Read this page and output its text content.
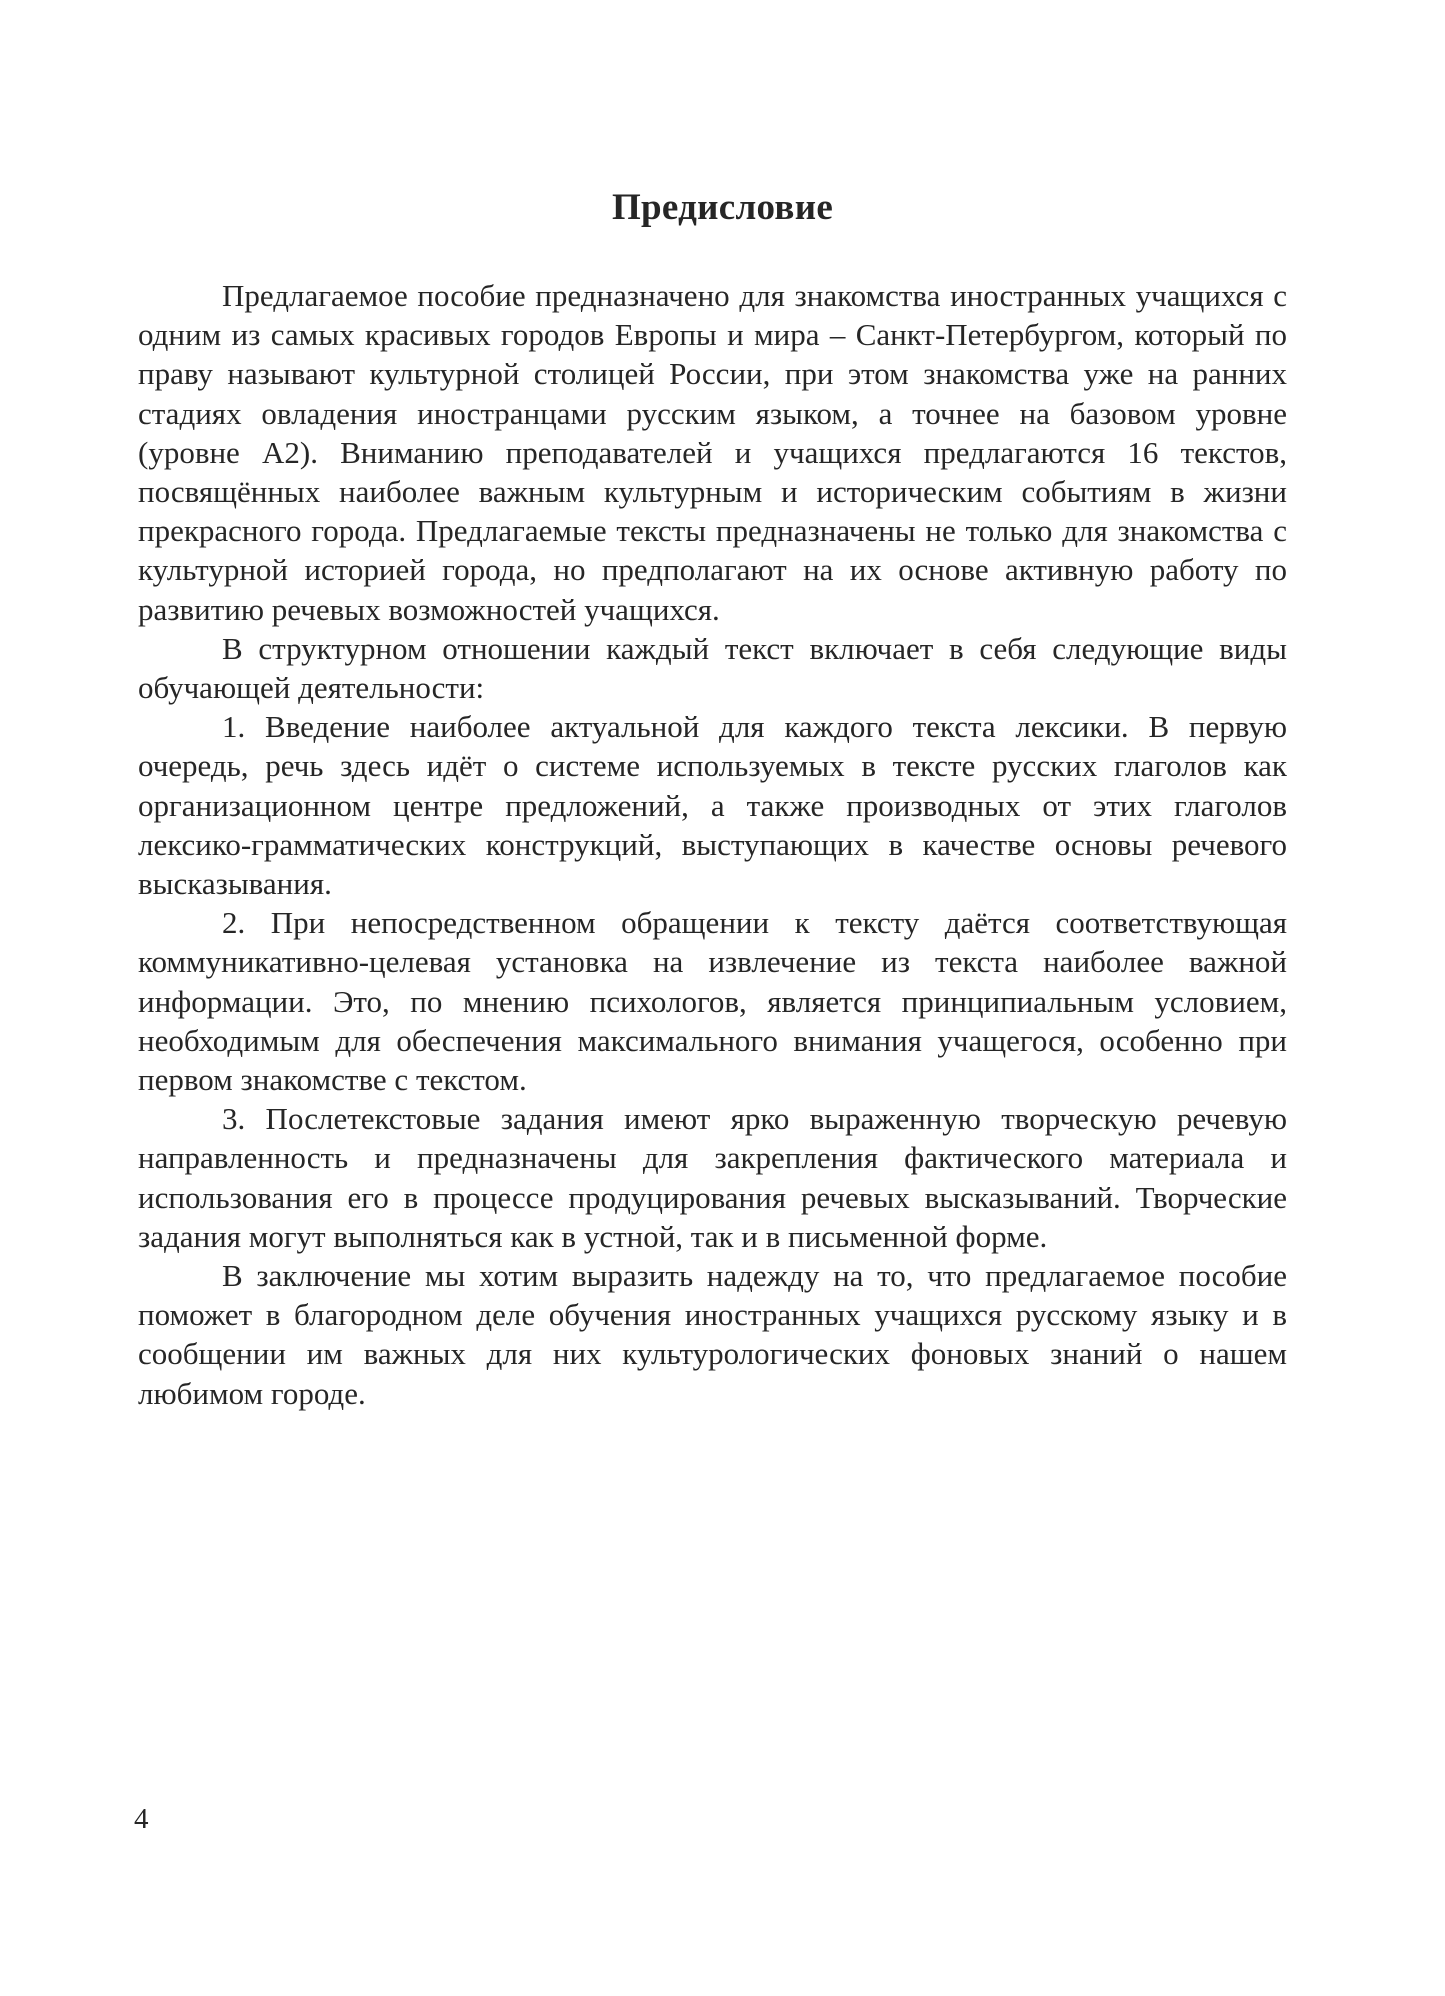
Предисловие

Предлагаемое пособие предназначено для знакомства иностранных учащихся с одним из самых красивых городов Европы и мира – Санкт-Петербургом, который по праву называют культурной столицей России, при этом знакомства уже на ранних стадиях овладения иностранцами русским языком, а точнее на базовом уровне (уровне А2). Вниманию преподавателей и учащихся предлагаются 16 текстов, посвящённых наиболее важным культурным и историческим событиям в жизни прекрасного города. Предлагаемые тексты предназначены не только для знакомства с культурной историей города, но предполагают на их основе активную работу по развитию речевых возможностей учащихся.

В структурном отношении каждый текст включает в себя следующие виды обучающей деятельности:

1. Введение наиболее актуальной для каждого текста лексики. В первую очередь, речь здесь идёт о системе используемых в тексте русских глаголов как организационном центре предложений, а также производных от этих глаголов лексико-грамматических конструкций, выступающих в качестве основы речевого высказывания.

2. При непосредственном обращении к тексту даётся соответствующая коммуникативно-целевая установка на извлечение из текста наиболее важной информации. Это, по мнению психологов, является принципиальным условием, необходимым для обеспечения максимального внимания учащегося, особенно при первом знакомстве с текстом.

3. Послетекстовые задания имеют ярко выраженную творческую речевую направленность и предназначены для закрепления фактического материала и использования его в процессе продуцирования речевых высказываний. Творческие задания могут выполняться как в устной, так и в письменной форме.

В заключение мы хотим выразить надежду на то, что предлагаемое пособие поможет в благородном деле обучения иностранных учащихся русскому языку и в сообщении им важных для них культурологических фоновых знаний о нашем любимом городе.

4
